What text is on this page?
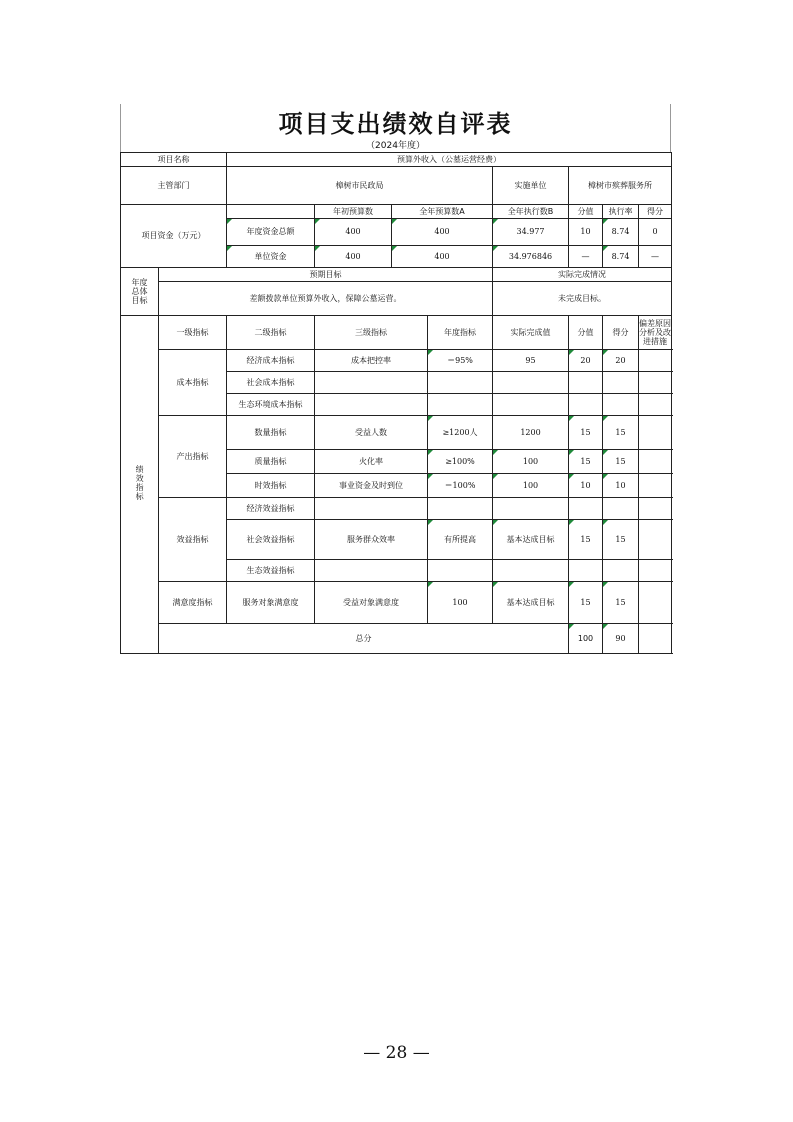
项目支出绩效自评表
（2024年度）
项目名称		预算外收入（公墓运营经费）							
主管部门		樟树市民政局				实施单位	樟树市殡葬服务所		
项目资金（万元）			年初预算数	全年预算数A		全年执行数B	分值	执行率	得分
		年度资金总额	400	400		34.977	10	8.74	0
		单位资金	400	400		34.976846	—	8.74	—
年度总体目标	预期目标					实际完成情况			
	差额拨款单位预算外收入，保障公墓运营。					未完成目标。			
绩效指标	一级指标	二级指标	三级指标		年度指标	实际完成值	分值	得分	偏差原因分析及改进措施
	成本指标	经济成本指标	成本把控率		＝95%	95	20	20	
		社会成本指标							
		生态环境成本指标							
	产出指标	数量指标	受益人数		≥1200人	1200	15	15	
		质量指标	火化率		≥100%	100	15	15	
		时效指标	事业资金及时到位		＝100%	100	10	10	
	效益指标	经济效益指标							
		社会效益指标	服务群众效率		有所提高	基本达成目标	15	15	
		生态效益指标							
	满意度指标	服务对象满意度	受益对象满意度		100	基本达成目标	15	15	
	总分						100	90	
— 28 —
